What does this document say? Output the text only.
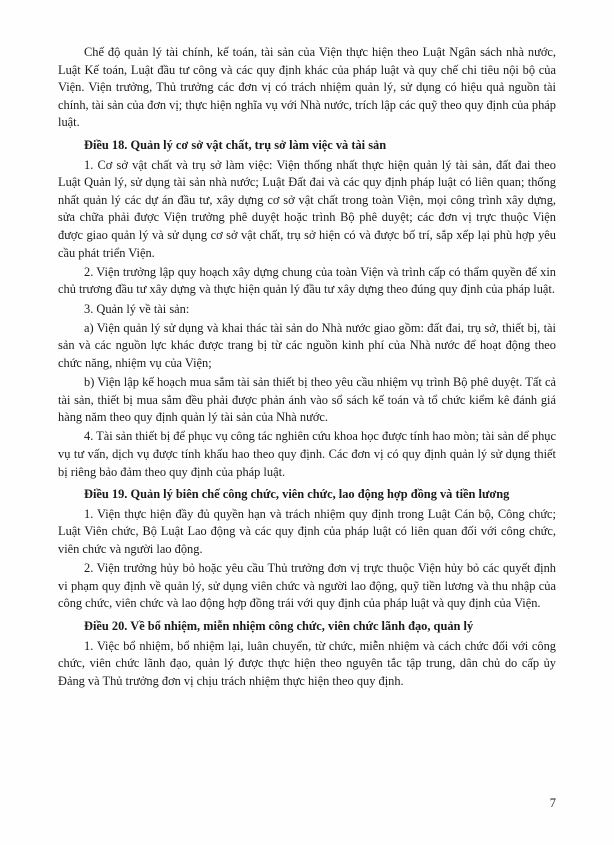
Chế độ quản lý tài chính, kế toán, tài sản của Viện thực hiện theo Luật Ngân sách nhà nước, Luật Kế toán, Luật đầu tư công và các quy định khác của pháp luật và quy chế chi tiêu nội bộ của Viện. Viện trưởng, Thủ trưởng các đơn vị có trách nhiệm quản lý, sử dụng có hiệu quả nguồn tài chính, tài sản của đơn vị; thực hiện nghĩa vụ với Nhà nước, trích lập các quỹ theo quy định của pháp luật.

Điều 18. Quản lý cơ sở vật chất, trụ sở làm việc và tài sản

1. Cơ sở vật chất và trụ sở làm việc: Viện thống nhất thực hiện quản lý tài sản, đất đai theo Luật Quản lý, sử dụng tài sản nhà nước; Luật Đất đai và các quy định pháp luật có liên quan; thống nhất quản lý các dự án đầu tư, xây dựng cơ sở vật chất trong toàn Viện, mọi công trình xây dựng, sửa chữa phải được Viện trưởng phê duyệt hoặc trình Bộ phê duyệt; các đơn vị trực thuộc Viện được giao quản lý và sử dụng cơ sở vật chất, trụ sở hiện có và được bố trí, sắp xếp lại phù hợp yêu cầu phát triển Viện.

2. Viện trưởng lập quy hoạch xây dựng chung của toàn Viện và trình cấp có thẩm quyền để xin chủ trương đầu tư xây dựng và thực hiện quản lý đầu tư xây dựng theo đúng quy định của pháp luật.

3. Quản lý về tài sản:

a) Viện quản lý sử dụng và khai thác tài sản do Nhà nước giao gồm: đất đai, trụ sở, thiết bị, tài sản và các nguồn lực khác được trang bị từ các nguồn kinh phí của Nhà nước để hoạt động theo chức năng, nhiệm vụ của Viện;

b) Viện lập kế hoạch mua sắm tài sản thiết bị theo yêu cầu nhiệm vụ trình Bộ phê duyệt. Tất cả tài sản, thiết bị mua sắm đều phải được phản ánh vào sổ sách kế toán và tổ chức kiểm kê đánh giá hàng năm theo quy định quản lý tài sản của Nhà nước.

4. Tài sản thiết bị để phục vụ công tác nghiên cứu khoa học được tính hao mòn; tài sản dể phục vụ tư vấn, dịch vụ được tính khấu hao theo quy định. Các đơn vị có quy định quản lý sử dụng thiết bị riêng bảo đảm theo quy định của pháp luật.

Điều 19. Quản lý biên chế công chức, viên chức, lao động hợp đồng và tiền lương

1. Viện thực hiện đầy đủ quyền hạn và trách nhiệm quy định trong Luật Cán bộ, Công chức; Luật Viên chức, Bộ Luật Lao động và các quy định của pháp luật có liên quan đối với công chức, viên chức và người lao động.

2. Viện trưởng hủy bỏ hoặc yêu cầu Thủ trưởng đơn vị trực thuộc Viện hủy bỏ các quyết định vi phạm quy định về quản lý, sử dụng viên chức và người lao động, quỹ tiền lương và thu nhập của công chức, viên chức và lao động hợp đồng trái với quy định của pháp luật và quy định của Viện.

Điều 20. Về bổ nhiệm, miễn nhiệm công chức, viên chức lãnh đạo, quản lý

1. Việc bổ nhiệm, bổ nhiệm lại, luân chuyển, từ chức, miễn nhiệm và cách chức đối với công chức, viên chức lãnh đạo, quản lý được thực hiện theo nguyên tắc tập trung, dân chủ do cấp ủy Đảng và Thủ trưởng đơn vị chịu trách nhiệm thực hiện theo quy định.

7
